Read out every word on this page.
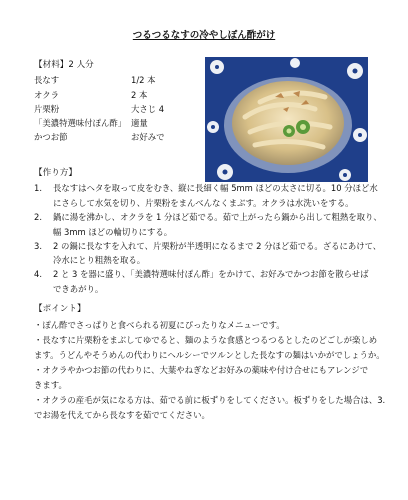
つるつるなすの冷やしぽん酢がけ
【材料】2 人分
長なす	1/2 本
オクラ	2 本
片栗粉	大さじ 4
「美濃特選味付ぽん酢」 適量
かつお節	お好みで
【作り方】
1. 長なすはヘタを取って皮をむき、縦に長細く幅 5mm ほどの太さに切る。10 分ほど水
にさらして水気を切り、片栗粉をまんべんなくまぶす。オクラは水洗いをする。
2. 鍋に湯を沸かし、オクラを 1 分ほど茹でる。茹で上がったら鍋から出して粗熱を取り、
幅 3mm ほどの輪切りにする。
3. 2 の鍋に長なすを入れて、片栗粉が半透明になるまで 2 分ほど茹でる。ざるにあけて、
冷水にとり粗熱を取る。
4. 2 と 3 を器に盛り、「美濃特選味付ぽん酢」をかけて、お好みでかつお節を散らせば
できあがり。
【ポイント】
・ぽん酢でさっぱりと食べられる初夏にぴったりなメニューです。
・長なすに片栗粉をまぶしてゆでると、麺のような食感とつるつるとしたのどごしが楽しめ
ます。うどんやそうめんの代わりにヘルシーでツルンとした長なすの麺はいかがでしょうか。
・オクラやかつお節の代わりに、大葉やねぎなどお好みの薬味や付け合せにもアレンジで
きます。
・オクラの産毛が気になる方は、茹でる前に板ずりをしてください。板ずりをした場合は、3.
でお湯を代えてから長なすを茹でてください。
